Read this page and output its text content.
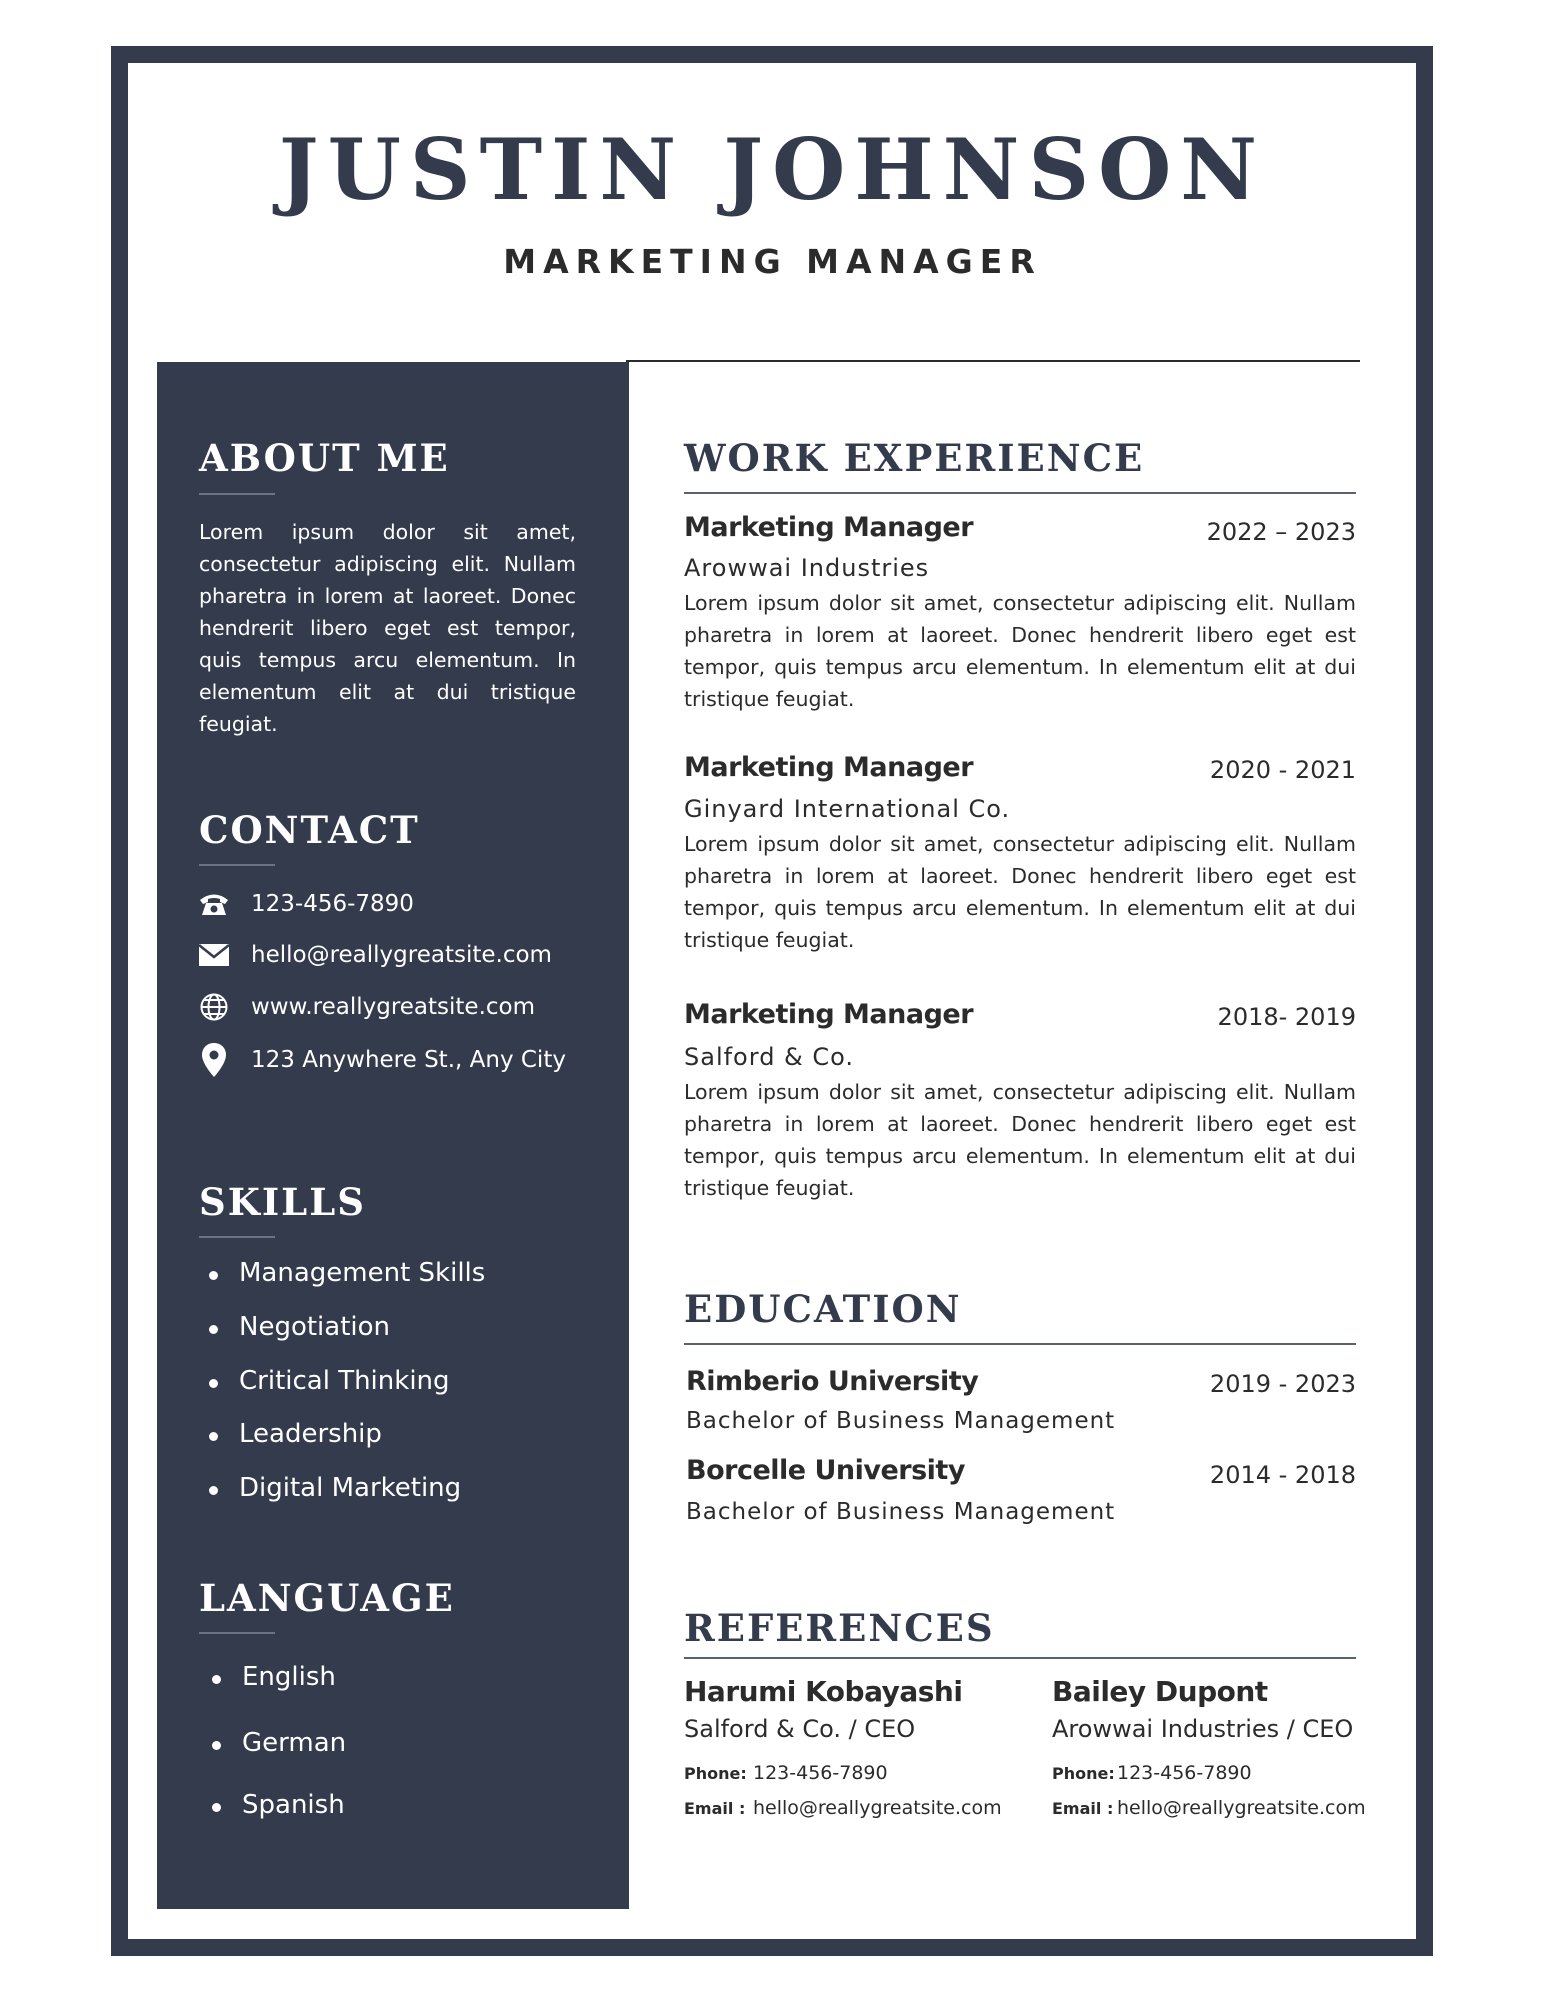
JUSTIN JOHNSON
MARKETING MANAGER
ABOUT ME
Lorem ipsum dolor sit amet, consectetur adipiscing elit. Nullam pharetra in lorem at laoreet. Donec hendrerit libero eget est tempor, quis tempus arcu elementum. In elementum elit at dui tristique feugiat.
CONTACT
123-456-7890
hello@reallygreatsite.com
www.reallygreatsite.com
123 Anywhere St., Any City
SKILLS
Management Skills
Negotiation
Critical Thinking
Leadership
Digital Marketing
LANGUAGE
English
German
Spanish
WORK EXPERIENCE
Marketing Manager	2022 – 2023
Arowwai Industries
Lorem ipsum dolor sit amet, consectetur adipiscing elit. Nullam pharetra in lorem at laoreet. Donec hendrerit libero eget est tempor, quis tempus arcu elementum. In elementum elit at dui tristique feugiat.
Marketing Manager	2020 - 2021
Ginyard International Co.
Lorem ipsum dolor sit amet, consectetur adipiscing elit. Nullam pharetra in lorem at laoreet. Donec hendrerit libero eget est tempor, quis tempus arcu elementum. In elementum elit at dui tristique feugiat.
Marketing Manager	2018- 2019
Salford & Co.
Lorem ipsum dolor sit amet, consectetur adipiscing elit. Nullam pharetra in lorem at laoreet. Donec hendrerit libero eget est tempor, quis tempus arcu elementum. In elementum elit at dui tristique feugiat.
EDUCATION
Rimberio University	2019 - 2023
Bachelor of Business Management
Borcelle University	2014 - 2018
Bachelor of Business Management
REFERENCES
Harumi Kobayashi
Salford & Co. / CEO
Phone: 123-456-7890
Email : hello@reallygreatsite.com
Bailey Dupont
Arowwai Industries / CEO
Phone: 123-456-7890
Email : hello@reallygreatsite.com
